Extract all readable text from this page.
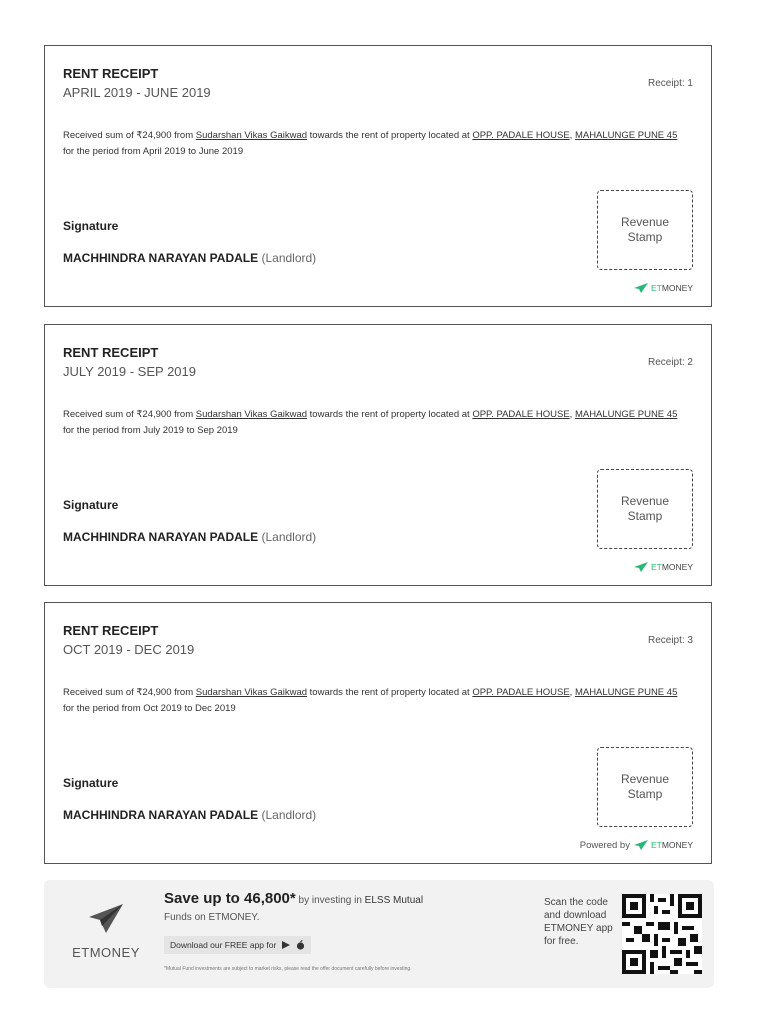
RENT RECEIPT
APRIL 2019 - JUNE 2019
Receipt: 1
Received sum of ₹24,900 from Sudarshan Vikas Gaikwad towards the rent of property located at OPP. PADALE HOUSE, MAHALUNGE PUNE 45 for the period from April 2019 to June 2019
Signature
MACHHINDRA NARAYAN PADALE (Landlord)
Revenue Stamp
ET MONEY
RENT RECEIPT
JULY 2019 - SEP 2019
Receipt: 2
Received sum of ₹24,900 from Sudarshan Vikas Gaikwad towards the rent of property located at OPP. PADALE HOUSE, MAHALUNGE PUNE 45 for the period from July 2019 to Sep 2019
Signature
MACHHINDRA NARAYAN PADALE (Landlord)
Revenue Stamp
ET MONEY
RENT RECEIPT
OCT 2019 - DEC 2019
Receipt: 3
Received sum of ₹24,900 from Sudarshan Vikas Gaikwad towards the rent of property located at OPP. PADALE HOUSE, MAHALUNGE PUNE 45 for the period from Oct 2019 to Dec 2019
Signature
MACHHINDRA NARAYAN PADALE (Landlord)
Revenue Stamp
Powered by ET MONEY
ETMONEY
Save up to 46,800* by investing in ELSS Mutual
Funds on ETMONEY.
Download our FREE app for
*Mutual Fund investments are subject to market risks, please read the offer document carefully before investing.
Scan the code and download ETMONEY app for free.
